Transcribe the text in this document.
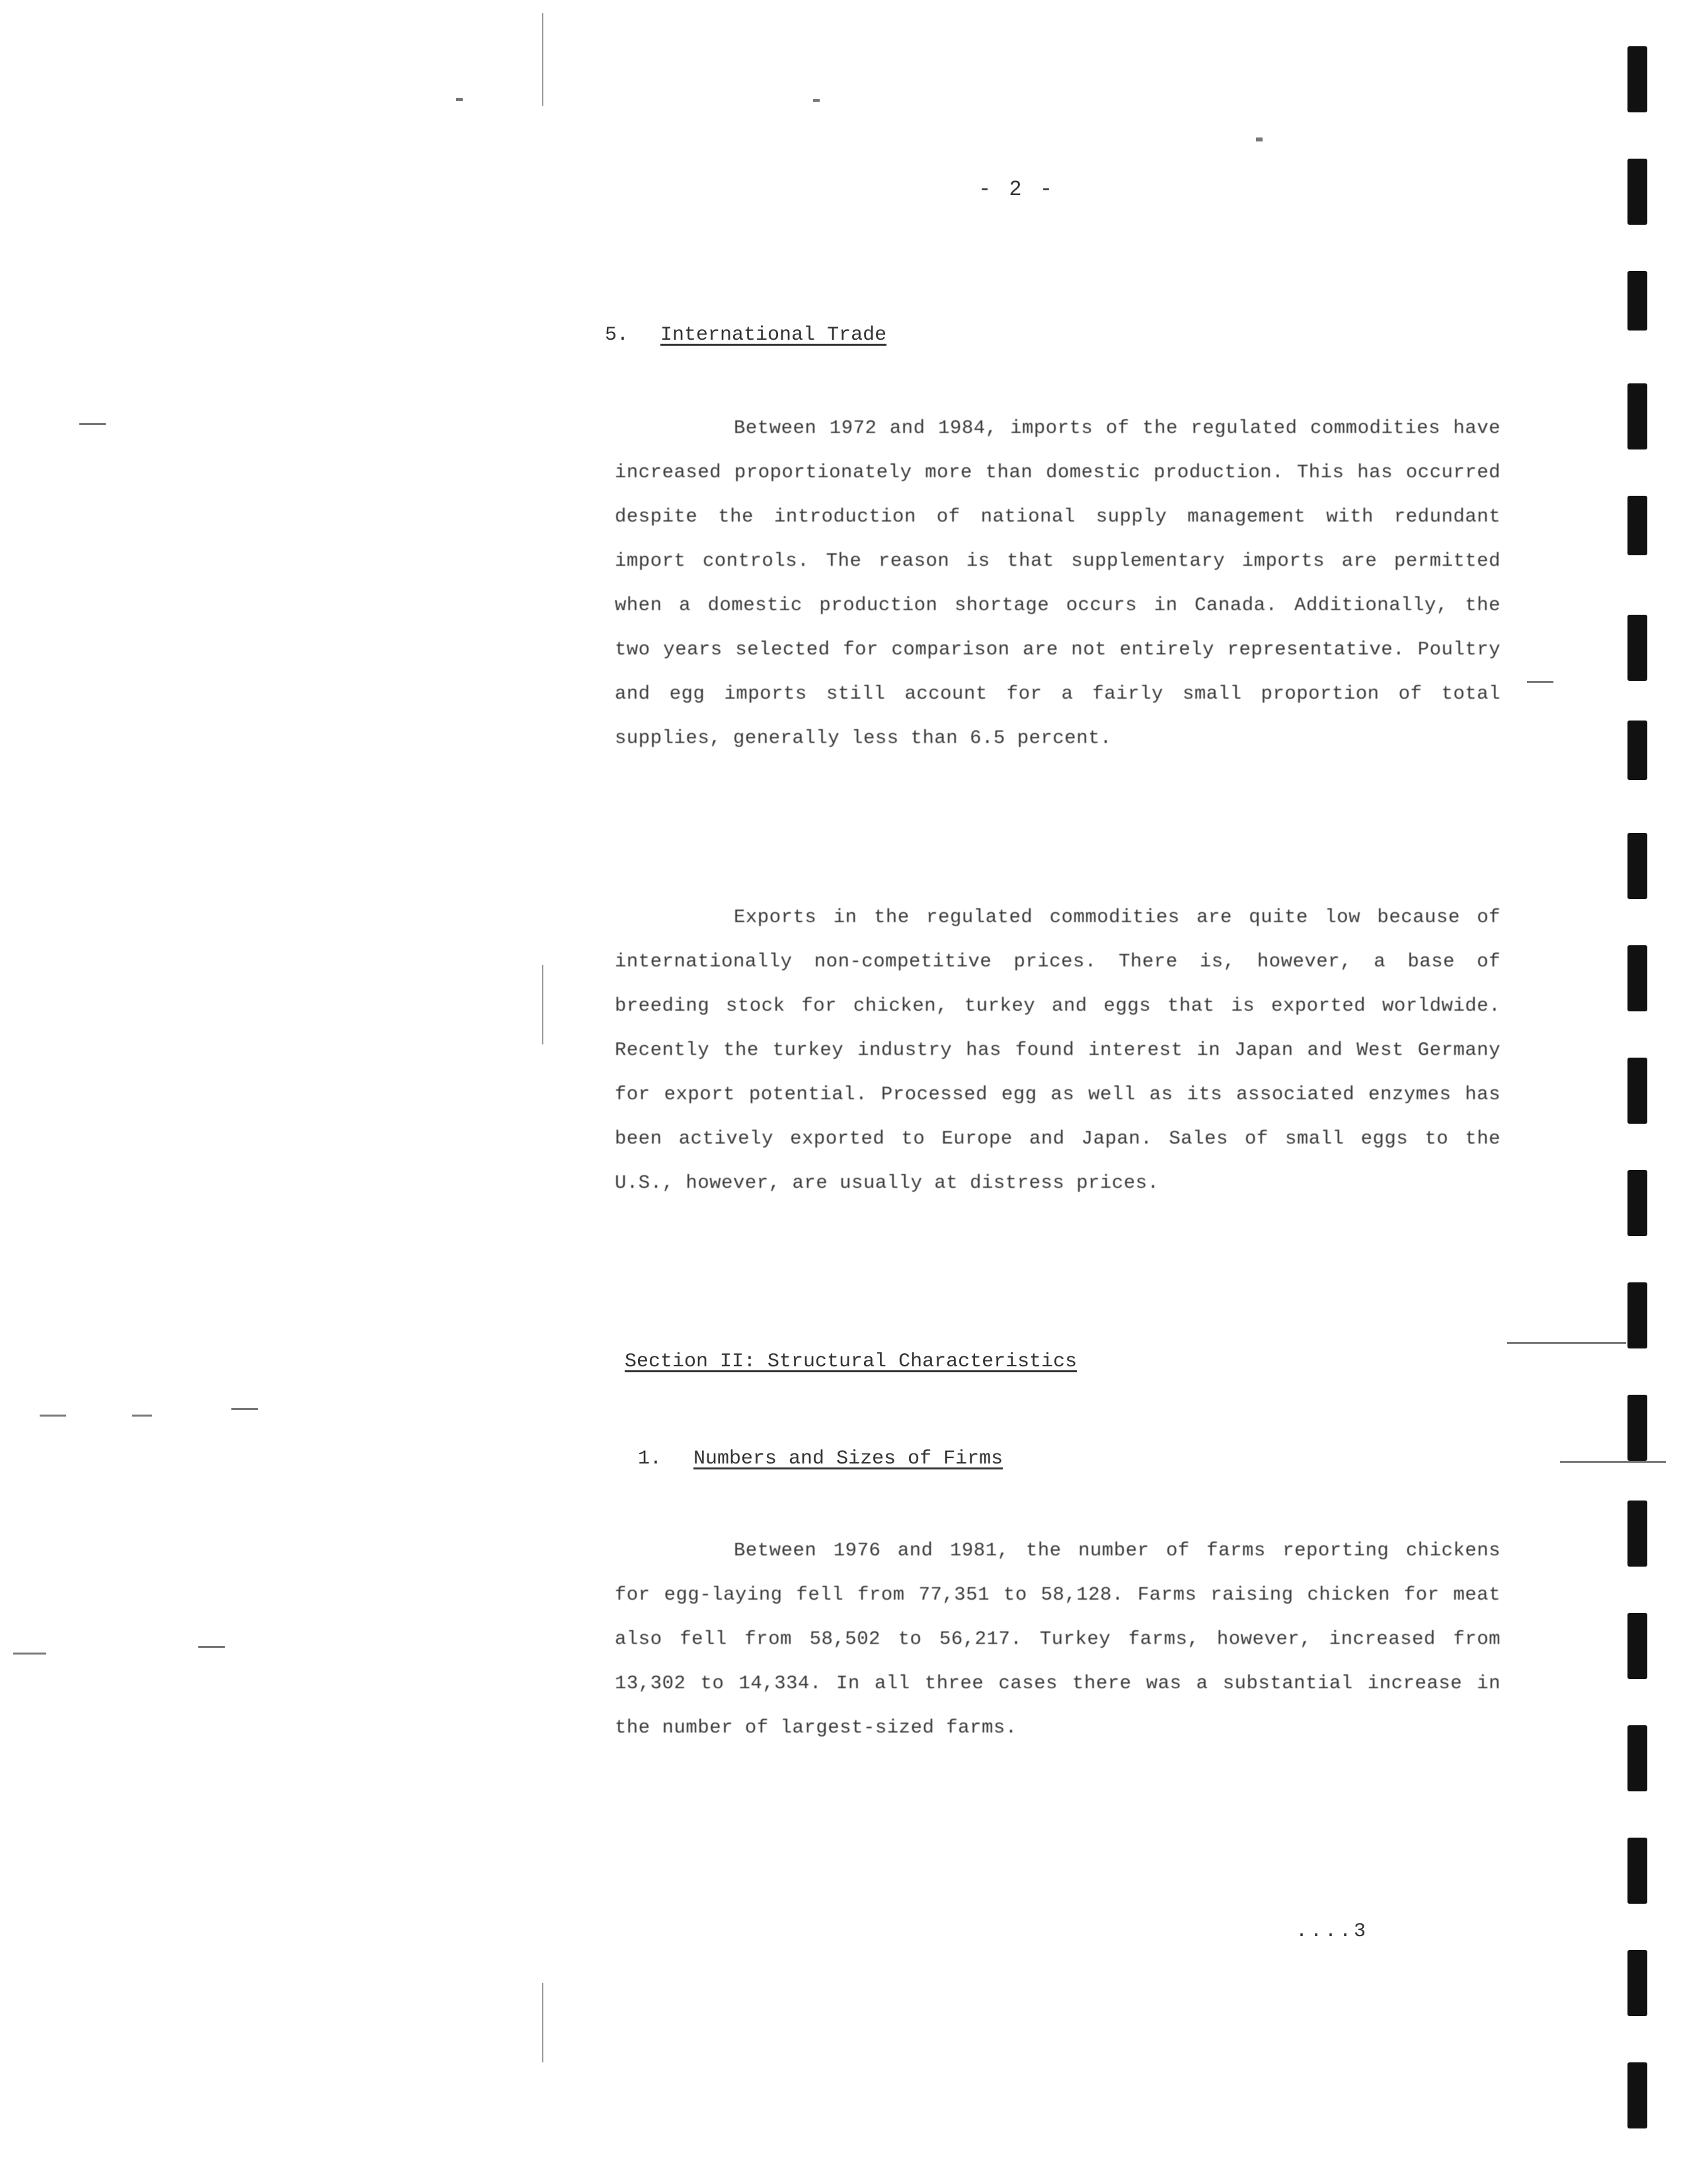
- 2 -
5. International Trade

Between 1972 and 1984, imports of the regulated commodities have increased proportionately more than domestic production. This has occurred despite the introduction of national supply management with redundant import controls. The reason is that supplementary imports are permitted when a domestic production shortage occurs in Canada. Additionally, the two years selected for comparison are not entirely representative. Poultry and egg imports still account for a fairly small proportion of total supplies, generally less than 6.5 percent.

Exports in the regulated commodities are quite low because of internationally non-competitive prices. There is, however, a base of breeding stock for chicken, turkey and eggs that is exported worldwide. Recently the turkey industry has found interest in Japan and West Germany for export potential. Processed egg as well as its associated enzymes has been actively exported to Europe and Japan. Sales of small eggs to the U.S., however, are usually at distress prices.

Section II: Structural Characteristics
1. Numbers and Sizes of Firms

Between 1976 and 1981, the number of farms reporting chickens for egg-laying fell from 77,351 to 58,128. Farms raising chicken for meat also fell from 58,502 to 56,217. Turkey farms, however, increased from 13,302 to 14,334. In all three cases there was a substantial increase in the number of largest-sized farms.

....3
